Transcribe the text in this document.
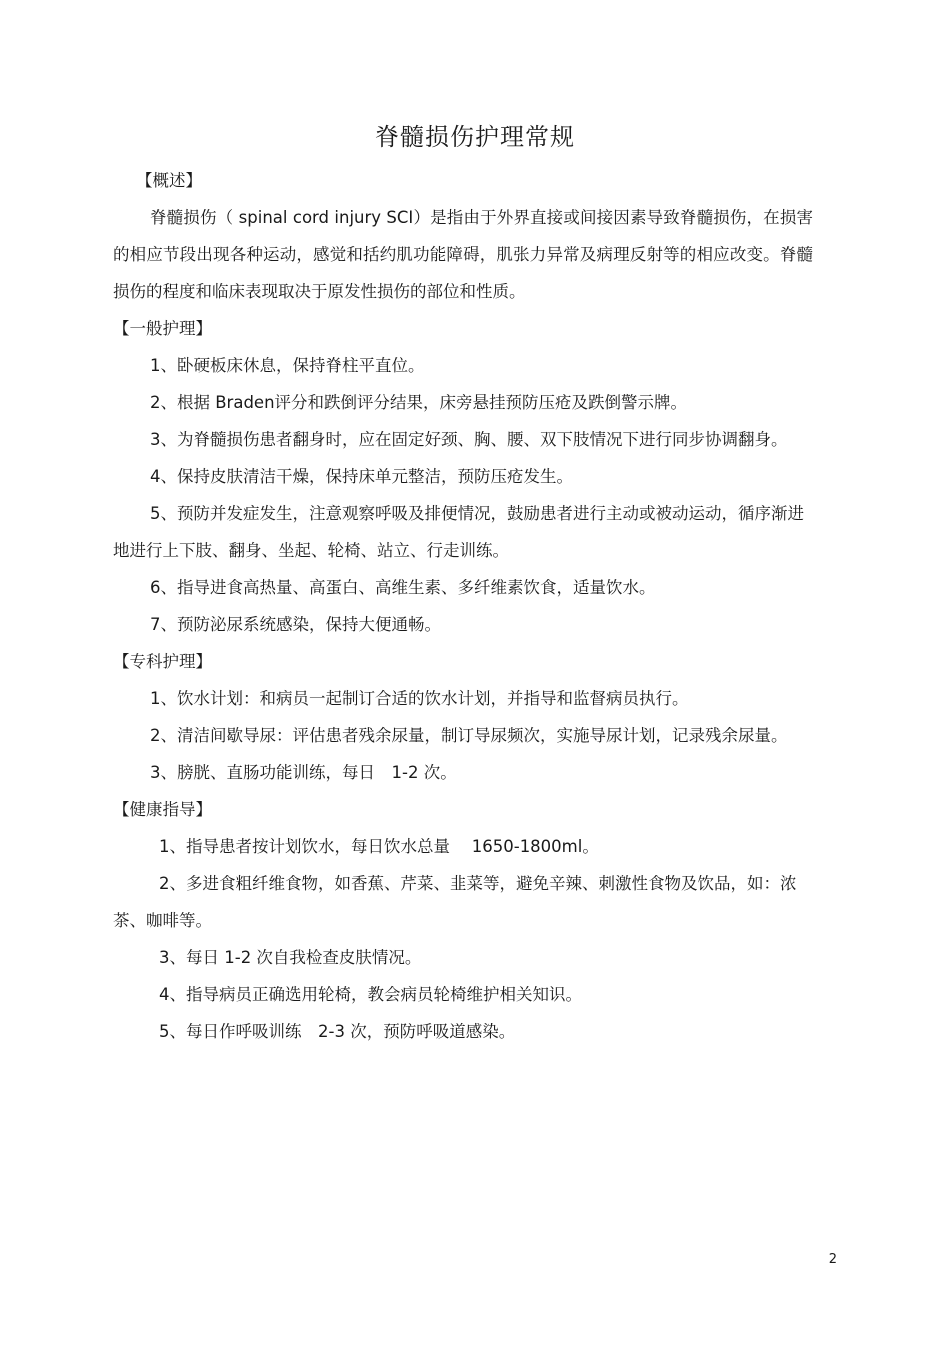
脊髓损伤护理常规

【概述】

脊髓损伤（ spinal cord injury SCI）是指由于外界直接或间接因素导致脊髓损伤，在损害的相应节段出现各种运动，感觉和括约肌功能障碍，肌张力异常及病理反射等的相应改变。脊髓损伤的程度和临床表现取决于原发性损伤的部位和性质。

【一般护理】

1、卧硬板床休息，保持脊柱平直位。

2、根据 Braden评分和跌倒评分结果，床旁悬挂预防压疮及跌倒警示牌。

3、为脊髓损伤患者翻身时，应在固定好颈、胸、腰、双下肢情况下进行同步协调翻身。

4、保持皮肤清洁干燥，保持床单元整洁，预防压疮发生。

5、预防并发症发生，注意观察呼吸及排便情况，鼓励患者进行主动或被动运动，循序渐进地进行上下肢、翻身、坐起、轮椅、站立、行走训练。

6、指导进食高热量、高蛋白、高维生素、多纤维素饮食，适量饮水。

7、预防泌尿系统感染，保持大便通畅。

【专科护理】

1、饮水计划：和病员一起制订合适的饮水计划，并指导和监督病员执行。

2、清洁间歇导尿：评估患者残余尿量，制订导尿频次，实施导尿计划，记录残余尿量。

3、膀胱、直肠功能训练，每日　1-2 次。

【健康指导】

1、指导患者按计划饮水，每日饮水总量　 1650-1800ml。

2、多进食粗纤维食物，如香蕉、芹菜、韭菜等，避免辛辣、刺激性食物及饮品，如：浓茶、咖啡等。

3、每日 1-2 次自我检查皮肤情况。

4、指导病员正确选用轮椅，教会病员轮椅维护相关知识。

5、每日作呼吸训练　2-3 次，预防呼吸道感染。

2
